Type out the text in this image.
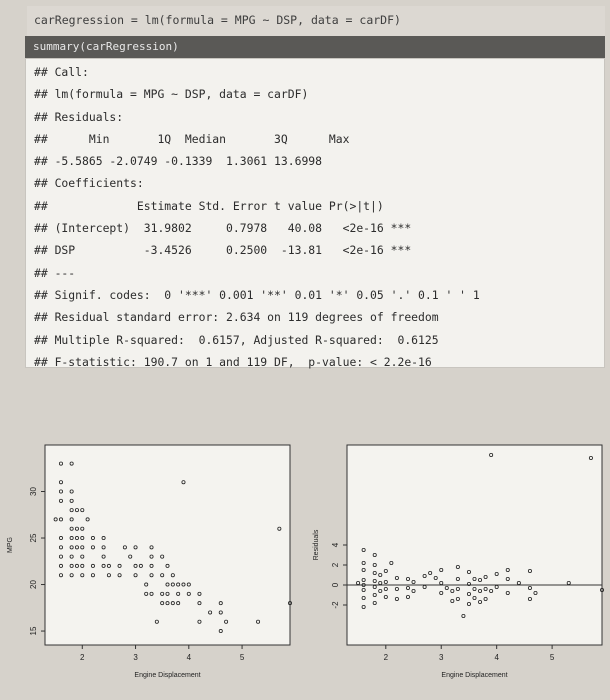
carRegression = lm(formula = MPG ~ DSP, data = carDF)
summary(carRegression)
## Call:
## lm(formula = MPG ~ DSP, data = carDF)
## Residuals:
##      Min       1Q  Median       3Q      Max
## -5.5865 -2.0749 -0.1339  1.3061 13.6998
## Coefficients:
##             Estimate Std. Error t value Pr(>|t|)
## (Intercept)  31.9802     0.7978   40.08   <2e-16 ***
## DSP          -3.4526     0.2500  -13.81   <2e-16 ***
## ---
## Signif. codes:  0 '***' 0.001 '**' 0.01 '*' 0.05 '.' 0.1 ' ' 1
## Residual standard error: 2.634 on 119 degrees of freedom
## Multiple R-squared:  0.6157, Adjusted R-squared:  0.6125
## F-statistic: 190.7 on 1 and 119 DF,  p-value: < 2.2e-16
2	3	4	5
15
20
25
30
Engine Displacement
MPG
2	3	4	5
-2
0
2
4
Engine Displacement
Residuals
